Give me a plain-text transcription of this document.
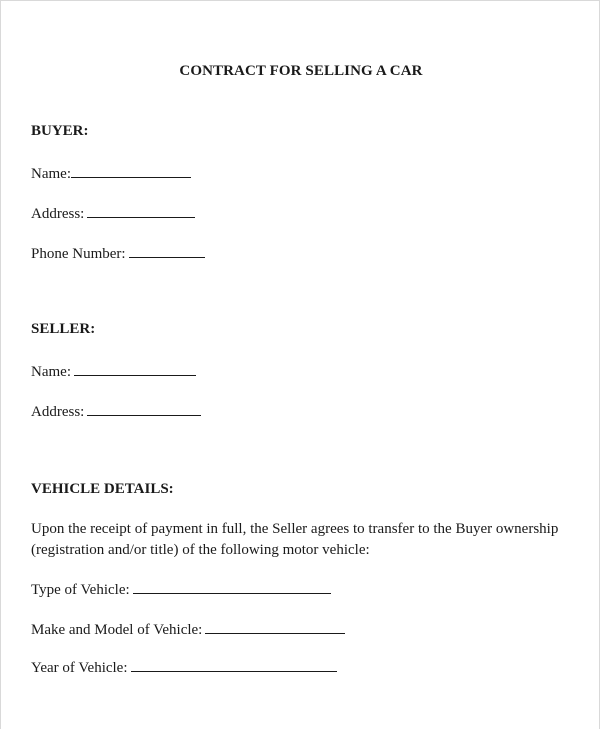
CONTRACT FOR SELLING A CAR
BUYER:
Name:
Address:
Phone Number:
SELLER:
Name:
Address:
VEHICLE DETAILS:
Upon the receipt of payment in full, the Seller agrees to transfer to the Buyer ownership (registration and/or title) of the following motor vehicle:
Type of Vehicle:
Make and Model of Vehicle:
Year of Vehicle:
